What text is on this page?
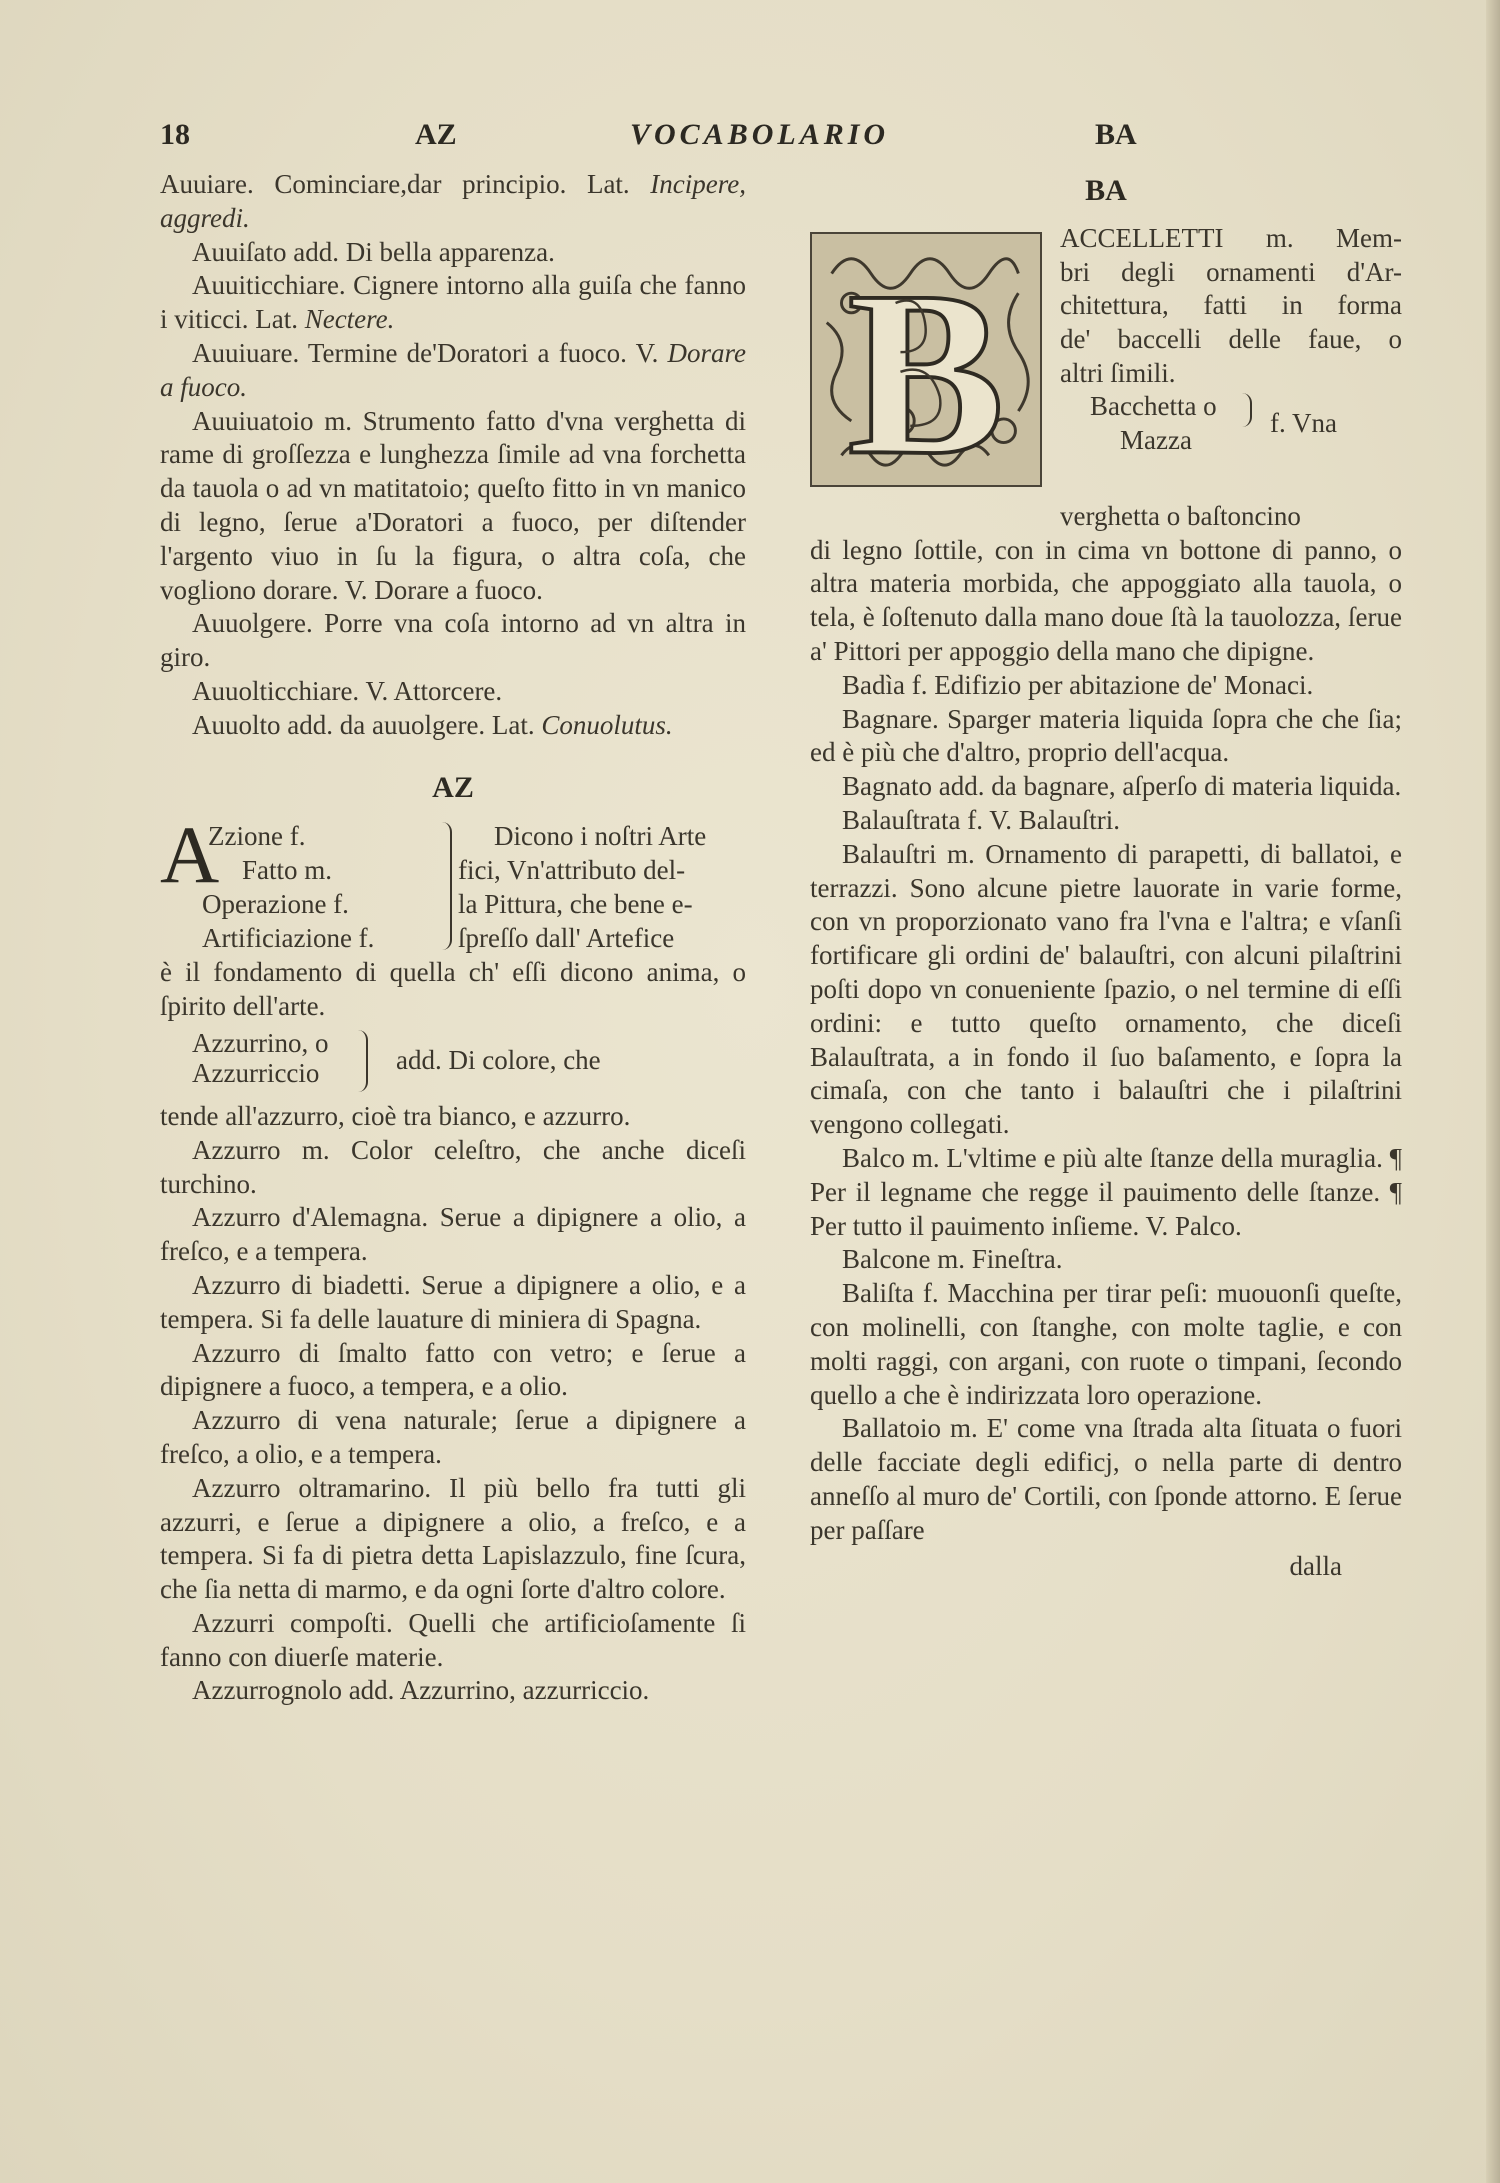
18	AZ	VOCABOLARIO	BA

Auuiare. Cominciare,dar principio. Lat. Incipere, aggredi.

Auuiſato add. Di bella apparenza.

Auuiticchiare. Cignere intorno alla guiſa che fanno i viticci. Lat. Nectere.

Auuiuare. Termine de'Doratori a fuoco. V. Dorare a fuoco.

Auuiuatoio m. Strumento fatto d'vna verghetta di rame di groſſezza e lunghezza ſimile ad vna forchetta da tauola o ad vn matitatoio; queſto fitto in vn manico di legno, ſerue a'Doratori a fuoco, per diſtender l'argento viuo in ſu la figura, o altra coſa, che vogliono dorare. V. Dorare a fuoco.

Auuolgere. Porre vna coſa intorno ad vn altra in giro.

Auuolticchiare. V. Attorcere.

Auuolto add. da auuolgere. Lat. Conuolutus.

AZ
A
Zzione f.
Fatto m.
Operazione f.
Artificiazione f.
Dicono i noſtri Arte
fici, Vn'attributo del-
la Pittura, che bene e-
ſpreſſo dall' Artefice

è il fondamento di quella ch' eſſi dicono anima, o ſpirito dell'arte.

Azzurrino, o
Azzurriccio	add. Di colore, che

tende all'azzurro, cioè tra bianco, e azzurro.

Azzurro m. Color celeſtro, che anche diceſi turchino.

Azzurro d'Alemagna. Serue a dipignere a olio, a freſco, e a tempera.

Azzurro di biadetti. Serue a dipignere a olio, e a tempera. Si fa delle lauature di miniera di Spagna.

Azzurro di ſmalto fatto con vetro; e ſerue a dipignere a fuoco, a tempera, e a olio.

Azzurro di vena naturale; ſerue a dipignere a freſco, a olio, e a tempera.

Azzurro oltramarino. Il più bello fra tutti gli azzurri, e ſerue a dipignere a olio, a freſco, e a tempera. Si fa di pietra detta Lapislazzulo, fine ſcura, che ſia netta di marmo, e da ogni ſorte d'altro colore.

Azzurri compoſti. Quelli che artificioſamente ſi fanno con diuerſe materie.

Azzurrognolo add. Azzurrino, azzurriccio.

BA
B
ACCELLETTI m. Mem-
bri degli ornamenti d'Ar-
chitettura, fatti in forma
de' baccelli delle faue, o
altri ſimili.
Bacchetta o
Mazza
f. Vna

verghetta o baſtoncino

di legno ſottile, con in cima vn bottone di panno, o altra materia morbida, che appoggiato alla tauola, o tela, è ſoſtenuto dalla mano doue ſtà la tauolozza, ſerue a' Pittori per appoggio della mano che dipigne.

Badìa f. Edifizio per abitazione de' Monaci.

Bagnare. Sparger materia liquida ſopra che che ſia; ed è più che d'altro, proprio dell'acqua.

Bagnato add. da bagnare, aſperſo di materia liquida.

Balauſtrata f. V. Balauſtri.

Balauſtri m. Ornamento di parapetti, di ballatoi, e terrazzi. Sono alcune pietre lauorate in varie forme, con vn proporzionato vano fra l'vna e l'altra; e vſanſi fortificare gli ordini de' balauſtri, con alcuni pilaſtrini poſti dopo vn conueniente ſpazio, o nel termine di eſſi ordini: e tutto queſto ornamento, che diceſi Balauſtrata, a in fondo il ſuo baſamento, e ſopra la cimaſa, con che tanto i balauſtri che i pilaſtrini vengono collegati.

Balco m. L'vltime e più alte ſtanze della muraglia. ¶ Per il legname che regge il pauimento delle ſtanze. ¶ Per tutto il pauimento inſieme. V. Palco.

Balcone m. Fineſtra.

Baliſta f. Macchina per tirar peſi: muouonſi queſte, con molinelli, con ſtanghe, con molte taglie, e con molti raggi, con argani, con ruote o timpani, ſecondo quello a che è indirizzata loro operazione.

Ballatoio m. E' come vna ſtrada alta ſituata o fuori delle facciate degli edificj, o nella parte di dentro anneſſo al muro de' Cortili, con ſponde attorno. E ſerue per paſſare

dalla
